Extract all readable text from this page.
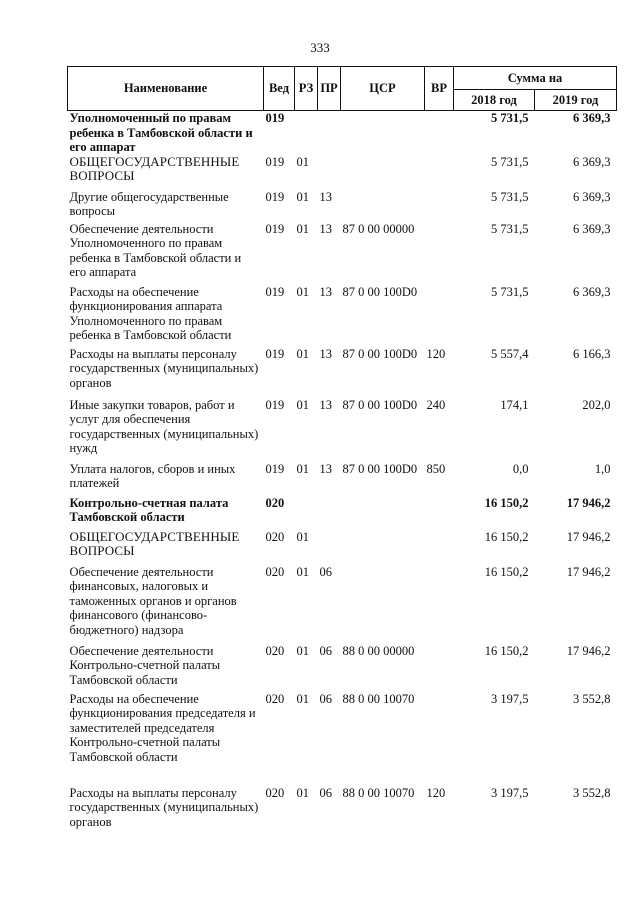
333
Наименование	Вед	РЗ	ПР	ЦСР	ВР	Сумма на	
						2018 год	2019 год
Уполномоченный по правам ребенка в Тамбовской области и его аппарат	019					5 731,5	6 369,3
ОБЩЕГОСУДАРСТВЕННЫЕ ВОПРОСЫ	019	01				5 731,5	6 369,3
Другие общегосударственные вопросы	019	01	13			5 731,5	6 369,3
Обеспечение деятельности Уполномоченного по правам ребенка в Тамбовской области и его аппарата	019	01	13	87 0 00 00000		5 731,5	6 369,3
Расходы на обеспечение функционирования аппарата Уполномоченного по правам ребенка в Тамбовской области	019	01	13	87 0 00 100D0		5 731,5	6 369,3
Расходы на выплаты персоналу государственных (муниципальных) органов	019	01	13	87 0 00 100D0	120	5 557,4	6 166,3
Иные закупки товаров, работ и услуг для обеспечения государственных (муниципальных) нужд	019	01	13	87 0 00 100D0	240	174,1	202,0
Уплата налогов, сборов и иных платежей	019	01	13	87 0 00 100D0	850	0,0	1,0
Контрольно-счетная палата Тамбовской области	020					16 150,2	17 946,2
ОБЩЕГОСУДАРСТВЕННЫЕ ВОПРОСЫ	020	01				16 150,2	17 946,2
Обеспечение деятельности финансовых, налоговых и таможенных органов и органов финансового (финансово-бюджетного) надзора	020	01	06			16 150,2	17 946,2
Обеспечение деятельности Контрольно-счетной палаты Тамбовской области	020	01	06	88 0 00 00000		16 150,2	17 946,2
Расходы на обеспечение функционирования председателя и заместителей председателя Контрольно-счетной палаты Тамбовской области	020	01	06	88 0 00 10070		3 197,5	3 552,8
Расходы на выплаты персоналу государственных (муниципальных) органов	020	01	06	88 0 00 10070	120	3 197,5	3 552,8
